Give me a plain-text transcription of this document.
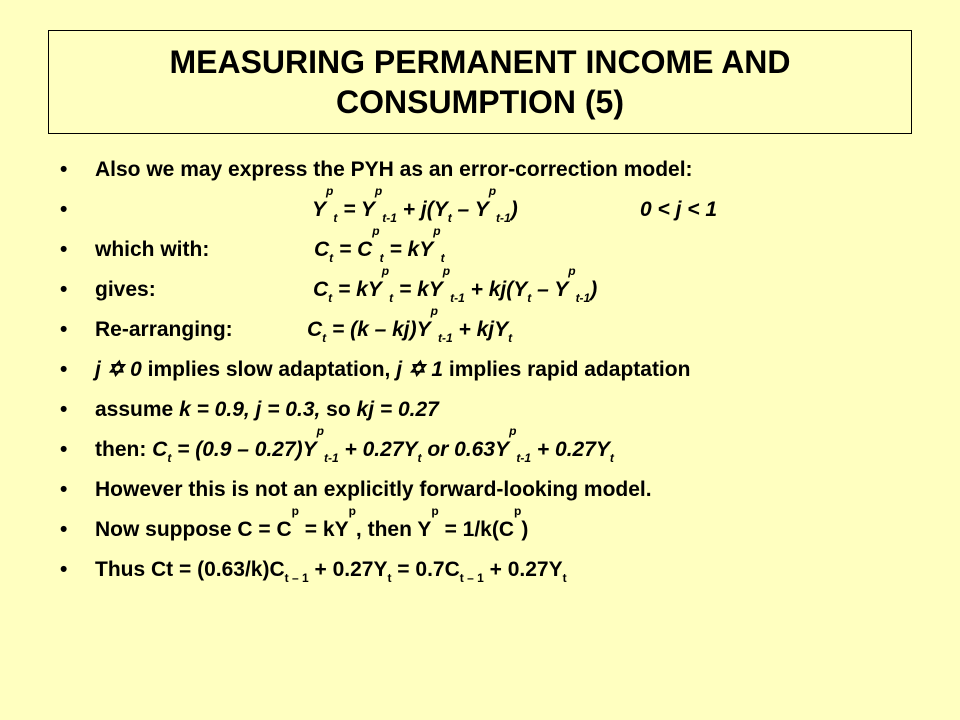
MEASURING PERMANENT INCOME AND
CONSUMPTION (5)
• Also we may express the PYH as an error-correction model:
•	$Y^p_t = Y^p_{t-1} + j(Y_t - Y^p_{t-1})$	0 < j < 1
• which with:	$C_t = C^p_t = kY^p_t$
• gives:	$C_t = kY^p_t = kY^p_{t-1} + kj(Y_t - Y^p_{t-1})$
• Re-arranging:	$C_t = (k - kj)Y^p_{t-1} + kjY_t$
• j ✡ 0 implies slow adaptation, j ✡ 1 implies rapid adaptation
• assume k = 0.9, j = 0.3, so kj = 0.27
• then: $C_t = (0.9 - 0.27)Y^p_{t-1} + 0.27Y_t$ or $0.63Y^p_{t-1} + 0.27Y_t$
• However this is not an explicitly forward-looking model.
• Now suppose $C = C^p = kY^p$, then $Y^p = 1/k(C^p)$
• Thus $Ct = (0.63/k)C_{t - 1} + 0.27Y_t = 0.7C_{t - 1} + 0.27Y_t$
